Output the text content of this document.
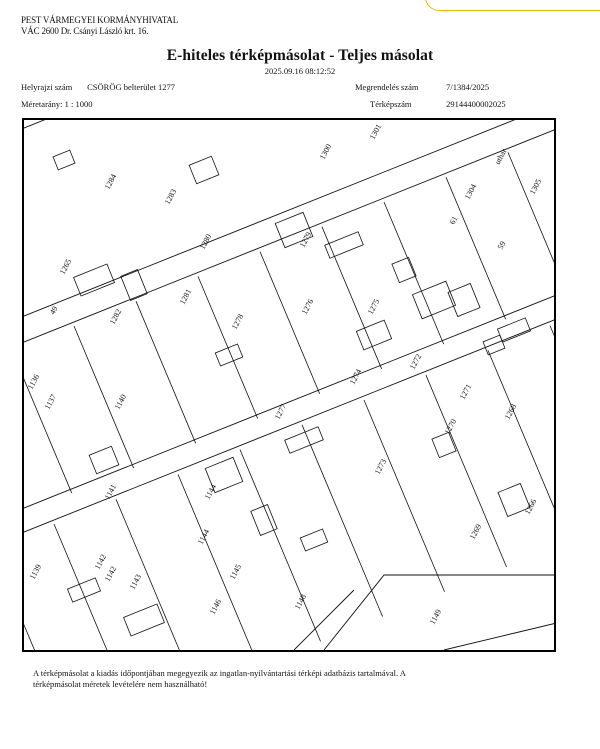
PEST VÁRMEGYEI KORMÁNYHIVATAL
VÁC 2600 Dr. Csányi László krt. 16.
E-hiteles térképmásolat - Teljes másolat
2025.09.16 08:12:52
Helyrajzi szám CSÖRÖG belterület 1277
Méretarány: 1 : 1000
Megrendelés szám	7/1384/2025
Térképszám	29144400002025
1301
1300	uthar
1305
1304
61
59
1284
1283
1280	1279
1276	1275
1265
1282
1281
1278
1272
1271
1268
49
1274
1270
1136
1137	1140
1277
1273
1269
1266
1141	1144
1144
1143
1145
1142
1142
1139
1146	1148
1149
A térképmásolat a kiadás időpontjában megegyezik az ingatlan-nyilvántartási térképi adatbázis tartalmával. A
térképmásolat méretek levételére nem használható!
